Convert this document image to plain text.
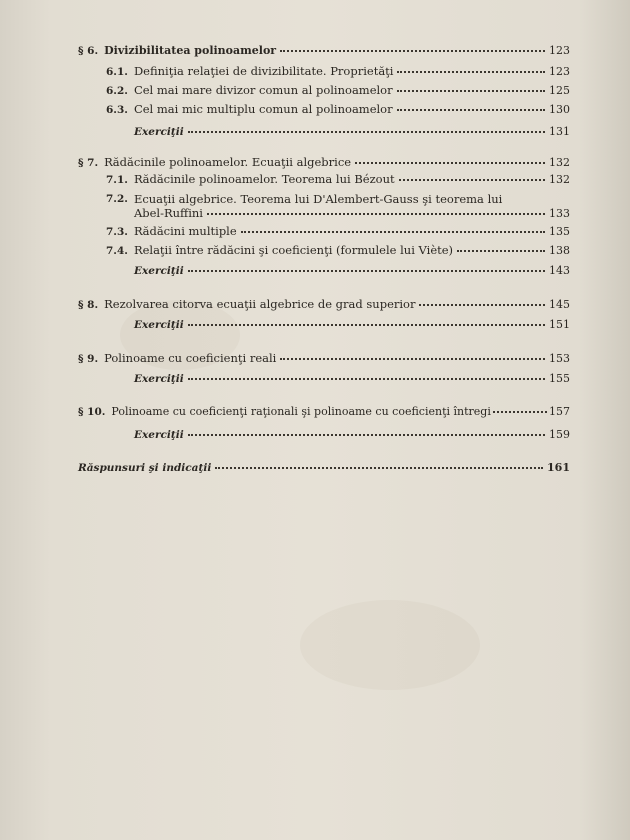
§ 6. Divizibilitatea polinoamelor	123
6.1. Definiţia relaţiei de divizibilitate. Proprietăţi	123
6.2. Cel mai mare divizor comun al polinoamelor	125
6.3. Cel mai mic multiplu comun al polinoamelor	130
Exerciţii	131
§ 7. Rădăcinile polinoamelor. Ecuaţii algebrice	132
7.1. Rădăcinile polinoamelor. Teorema lui Bézout	132
7.2. Ecuaţii algebrice. Teorema lui D'Alembert-Gauss şi teorema lui
Abel-Ruffini	133
7.3. Rădăcini multiple	135
7.4. Relaţii între rădăcini şi coeficienţi (formulele lui Viète)	138
Exerciţii	143
§ 8. Rezolvarea citorva ecuaţii algebrice de grad superior	145
Exerciţii	151
§ 9. Polinoame cu coeficienţi reali	153
Exerciţii	155
§ 10. Polinoame cu coeficienţi raţionali şi polinoame cu coeficienţi întregi	157
Exerciţii	159
Răspunsuri şi indicaţii	161
